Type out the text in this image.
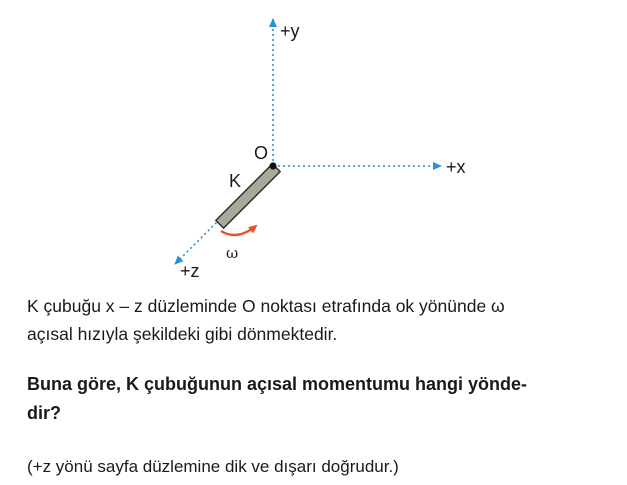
+y
+x
+z
O
K
ω
K çubuğu x – z düzleminde O noktası etrafında ok yönünde ω
açısal hızıyla şekildeki gibi dönmektedir.
Buna göre, K çubuğunun açısal momentumu hangi yönde-
dir?
(+z yönü sayfa düzlemine dik ve dışarı doğrudur.)
